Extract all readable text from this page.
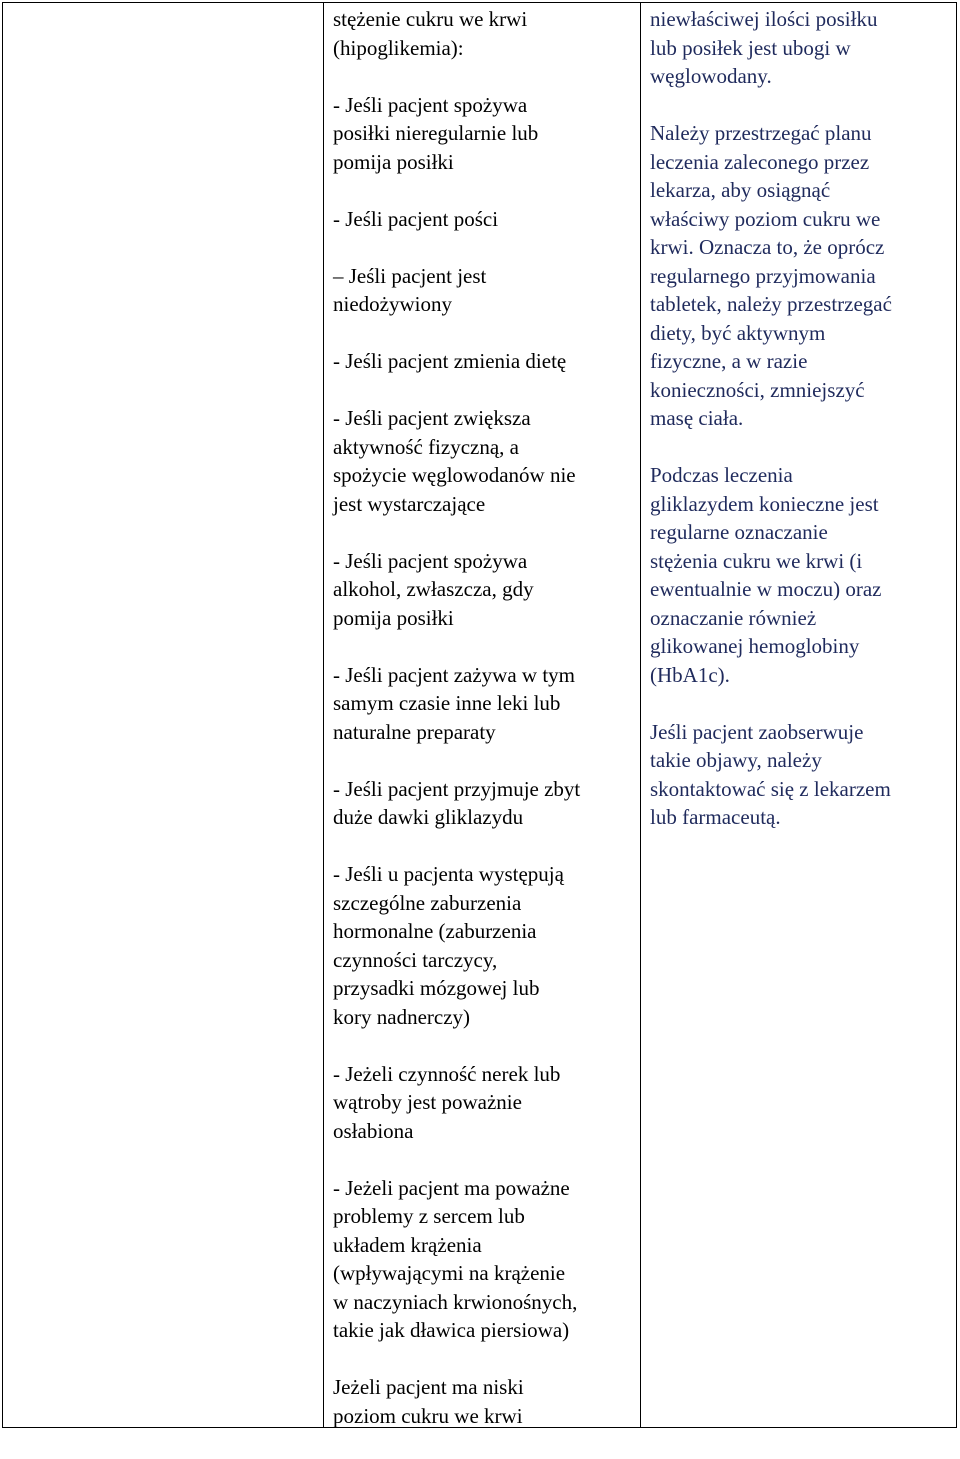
stężenie cukru we krwi
(hipoglikemia):

- Jeśli pacjent spożywa
posiłki nieregularnie lub
pomija posiłki

- Jeśli pacjent pości

– Jeśli pacjent jest
niedożywiony

- Jeśli pacjent zmienia dietę

- Jeśli pacjent zwiększa
aktywność fizyczną, a
spożycie węglowodanów nie
jest wystarczające

- Jeśli pacjent spożywa
alkohol, zwłaszcza, gdy
pomija posiłki

- Jeśli pacjent zażywa w tym
samym czasie inne leki lub
naturalne preparaty

- Jeśli pacjent przyjmuje zbyt
duże dawki gliklazydu

- Jeśli u pacjenta występują
szczególne zaburzenia
hormonalne (zaburzenia
czynności tarczycy,
przysadki mózgowej lub
kory nadnerczy)

- Jeżeli czynność nerek lub
wątroby jest poważnie
osłabiona

- Jeżeli pacjent ma poważne
problemy z sercem lub
układem krążenia
(wpływającymi na krążenie
w naczyniach krwionośnych,
takie jak dławica piersiowa)

Jeżeli pacjent ma niski
poziom cukru we krwi

niewłaściwej ilości posiłku
lub posiłek jest ubogi w
węglowodany.

Należy przestrzegać planu
leczenia zaleconego przez
lekarza, aby osiągnąć
właściwy poziom cukru we
krwi. Oznacza to, że oprócz
regularnego przyjmowania
tabletek, należy przestrzegać
diety, być aktywnym
fizyczne, a w razie
konieczności, zmniejszyć
masę ciała.

Podczas leczenia
gliklazydem konieczne jest
regularne oznaczanie
stężenia cukru we krwi (i
ewentualnie w moczu) oraz
oznaczanie również
glikowanej hemoglobiny
(HbA1c).

Jeśli pacjent zaobserwuje
takie objawy, należy
skontaktować się z lekarzem
lub farmaceutą.
